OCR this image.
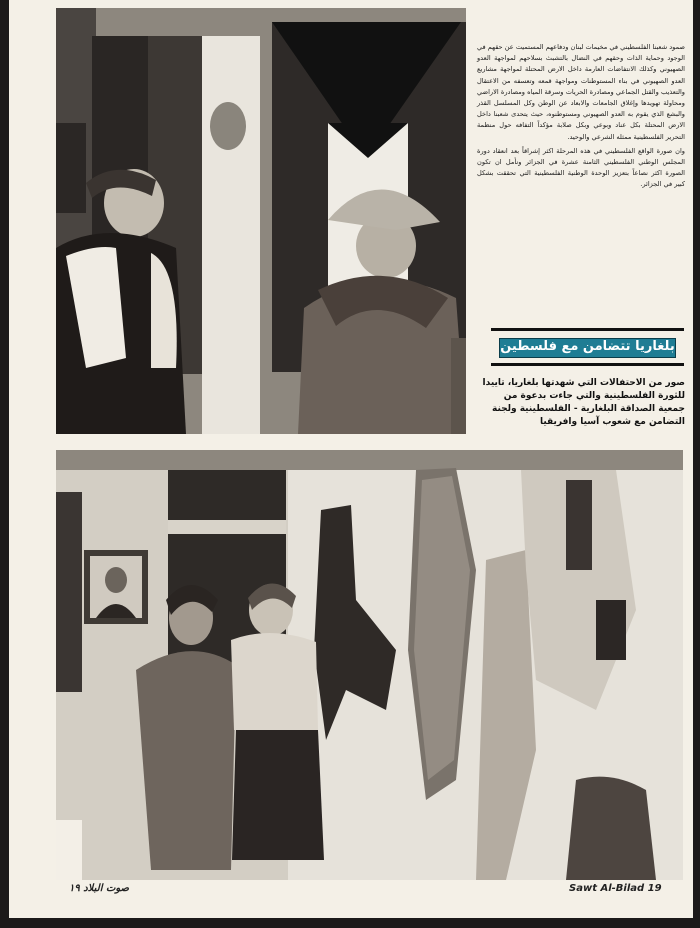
صمود شعبنا الفلسطيني في مخيمات لبنان ودفاعهم المستميت عن حقهم في الوجود وحماية الذات وحقهم في النضال بالتشبث بسلاحهم لمواجهة العدو الصهيوني وكذلك الانتفاضات العارمة داخل الارض المحتلة لمواجهة مشاريع العدو الصهيوني في بناء المستوطنات ومواجهة قمعه وتعسفه من الاعتقال والتعذيب والقتل الجماعي ومصادرة الحريات وسرقة المياه ومصادرة الاراضي ومحاولة تهويدها وإغلاق الجامعات والابعاد عن الوطن وكل المسلسل القذر والبشع الذي يقوم به العدو الصهيوني ومستوطنوه، حيث يتحدى شعبنا داخل الارض المحتلة بكل عناد وبوعي وبكل صلابة مؤكداً التفافه حول منظمة التحرير الفلسطينية ممثله الشرعي والوحيد.

وان صورة الواقع الفلسطيني في هذه المرحلة اكثر إشراقاً بعد انعقاد دورة المجلس الوطني الفلسطيني الثامنة عشرة في الجزائر ونأمل ان تكون الصورة اكثر نصاعاً بتعزيز الوحدة الوطنية الفلسطينية التي تحققت بشكل كبير في الجزائر.

بلغاريا تتضامن مع فلسطين
صور من الاحتفالات التي شهدتها بلغاريا، تاييدا للثورة الفلسطينية والتي جاءت بدعوة من جمعية الصداقة البلغارية - الفلسطينية ولجنة التضامن مع شعوب آسيا وافريقيا
صوت البلاد ١٩	Sawt Al-Bilad 19
